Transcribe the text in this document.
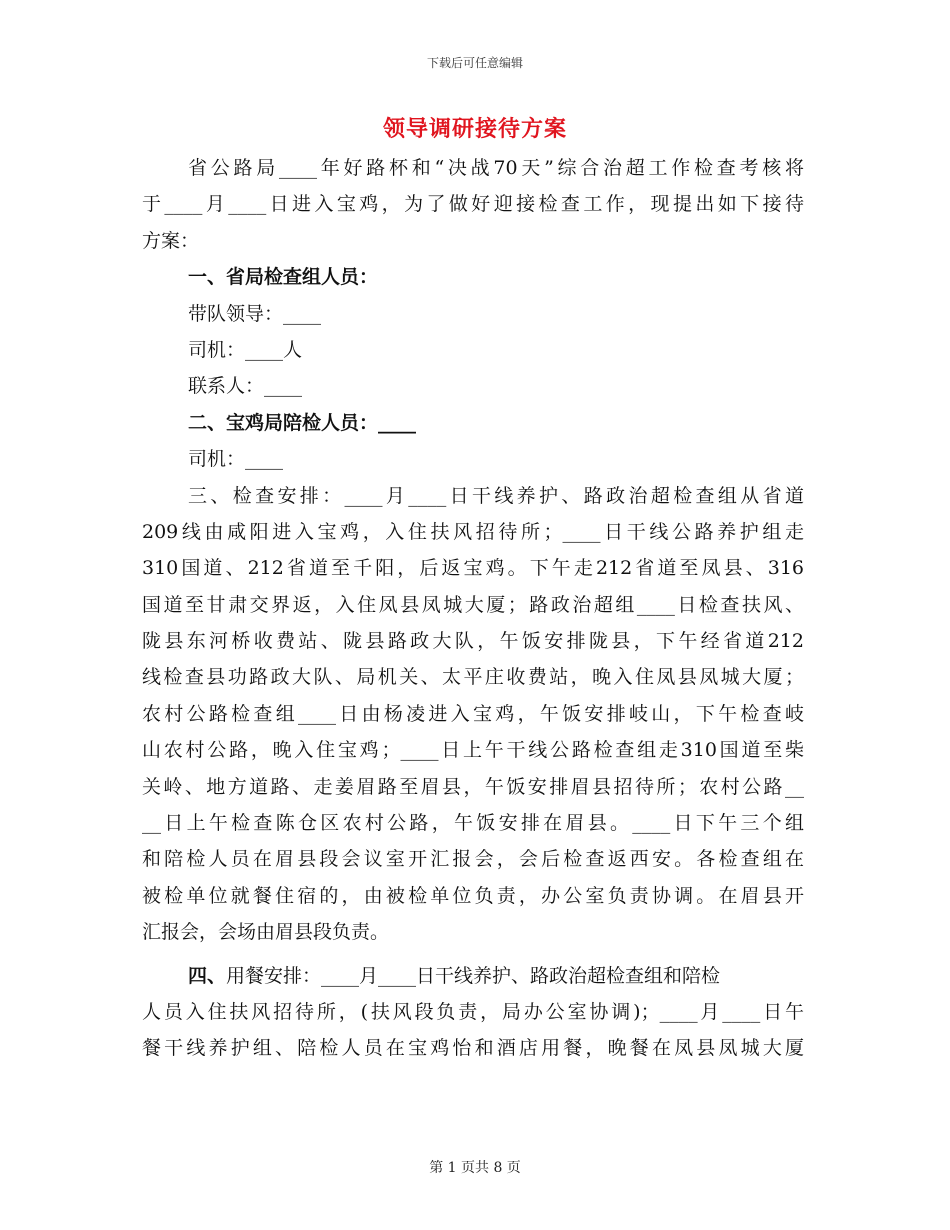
下载后可任意编辑
领导调研接待方案
省公路局____年好路杯和“决战70天”综合治超工作检查考核将
于____月____日进入宝鸡，为了做好迎接检查工作，现提出如下接待
方案：
一、省局检查组人员：
带队领导：____
司机：____人
联系人：____
二、宝鸡局陪检人员：____
司机：____
三、检查安排：____月____日干线养护、路政治超检查组从省道
209线由咸阳进入宝鸡，入住扶风招待所；____日干线公路养护组走
310国道、212省道至千阳，后返宝鸡。下午走212省道至凤县、316
国道至甘肃交界返，入住凤县凤城大厦；路政治超组____日检查扶风、
陇县东河桥收费站、陇县路政大队，午饭安排陇县，下午经省道212
线检查县功路政大队、局机关、太平庄收费站，晚入住凤县凤城大厦；
农村公路检查组____日由杨凌进入宝鸡，午饭安排岐山，下午检查岐
山农村公路，晚入住宝鸡；____日上午干线公路检查组走310国道至柴
关岭、地方道路、走姜眉路至眉县，午饭安排眉县招待所；农村公路__
__日上午检查陈仓区农村公路，午饭安排在眉县。____日下午三个组
和陪检人员在眉县段会议室开汇报会，会后检查返西安。各检查组在
被检单位就餐住宿的，由被检单位负责，办公室负责协调。在眉县开
汇报会，会场由眉县段负责。
四、用餐安排：____月____日干线养护、路政治超检查组和陪检
人员入住扶风招待所，(扶风段负责，局办公室协调)；____月____日午
餐干线养护组、陪检人员在宝鸡怡和酒店用餐，晚餐在凤县凤城大厦
第 1 页共 8 页
